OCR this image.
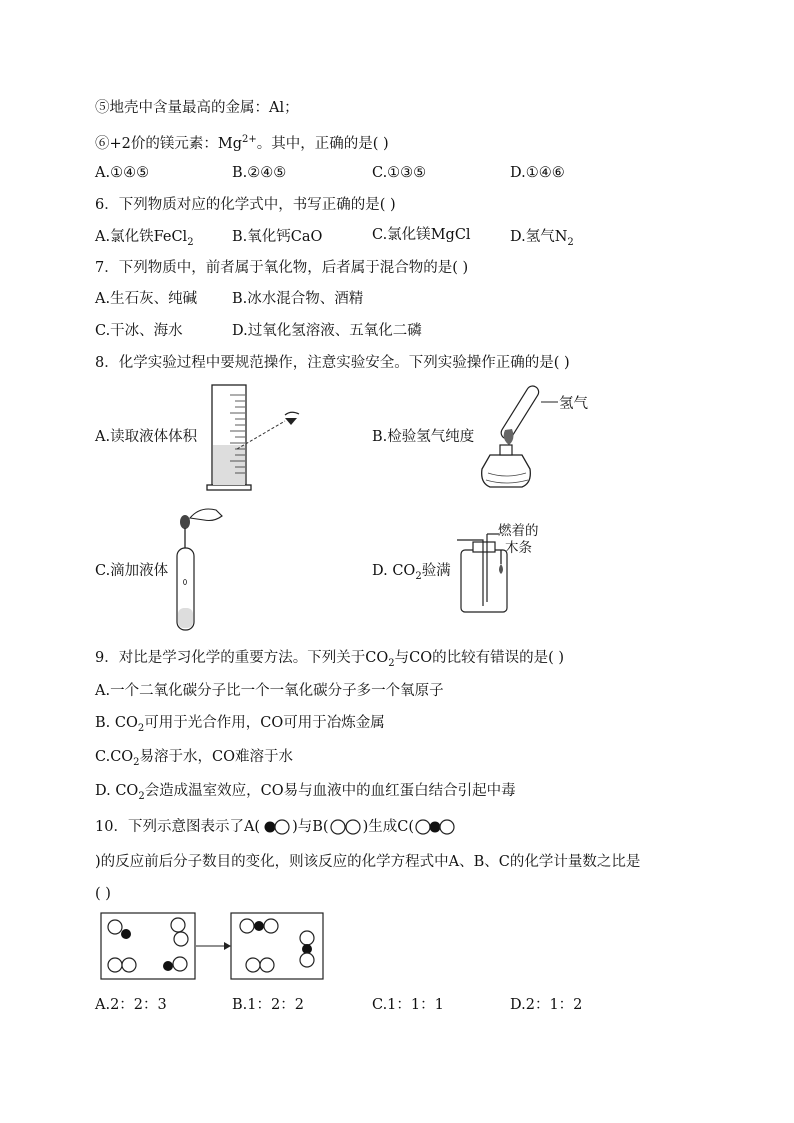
⑤地壳中含量最高的金属：Al；
⑥+2价的镁元素：$Mg^{2+}$。其中，正确的是( )
A.①④⑤	B.②④⑤	C.①③⑤	D.①④⑥
6．下列物质对应的化学式中，书写正确的是( )
A.氯化铁FeCl$_2$	B.氧化钙CaO	C.氯化镁MgCl	D.氢气$N_2$
7．下列物质中，前者属于氧化物，后者属于混合物的是( )
A.生石灰、纯碱 B.冰水混合物、酒精
C.干冰、海水	D.过氧化氢溶液、五氧化二磷
8．化学实验过程中要规范操作，注意实验安全。下列实验操作正确的是( )
A.读取液体体积	B.检验氢气纯度
氢气
C.滴加液体	D. $CO_2$验满
燃着的
木条
9．对比是学习化学的重要方法。下列关于$CO_2$与CO的比较有错误的是( )
A.一个二氧化碳分子比一个一氧化碳分子多一个氧原子
B. $CO_2$可用于光合作用，CO可用于冶炼金属
$C.CO_2$易溶于水，CO难溶于水
D. $CO_2$会造成温室效应，CO易与血液中的血红蛋白结合引起中毒
10．下列示意图表示了A( )与B( )生成C(
)的反应前后分子数目的变化，则该反应的化学方程式中A、B、C的化学计量数之比是
( )
A.2：2：3	B.1：2：2	C.1：1：1	D.2：1：2
